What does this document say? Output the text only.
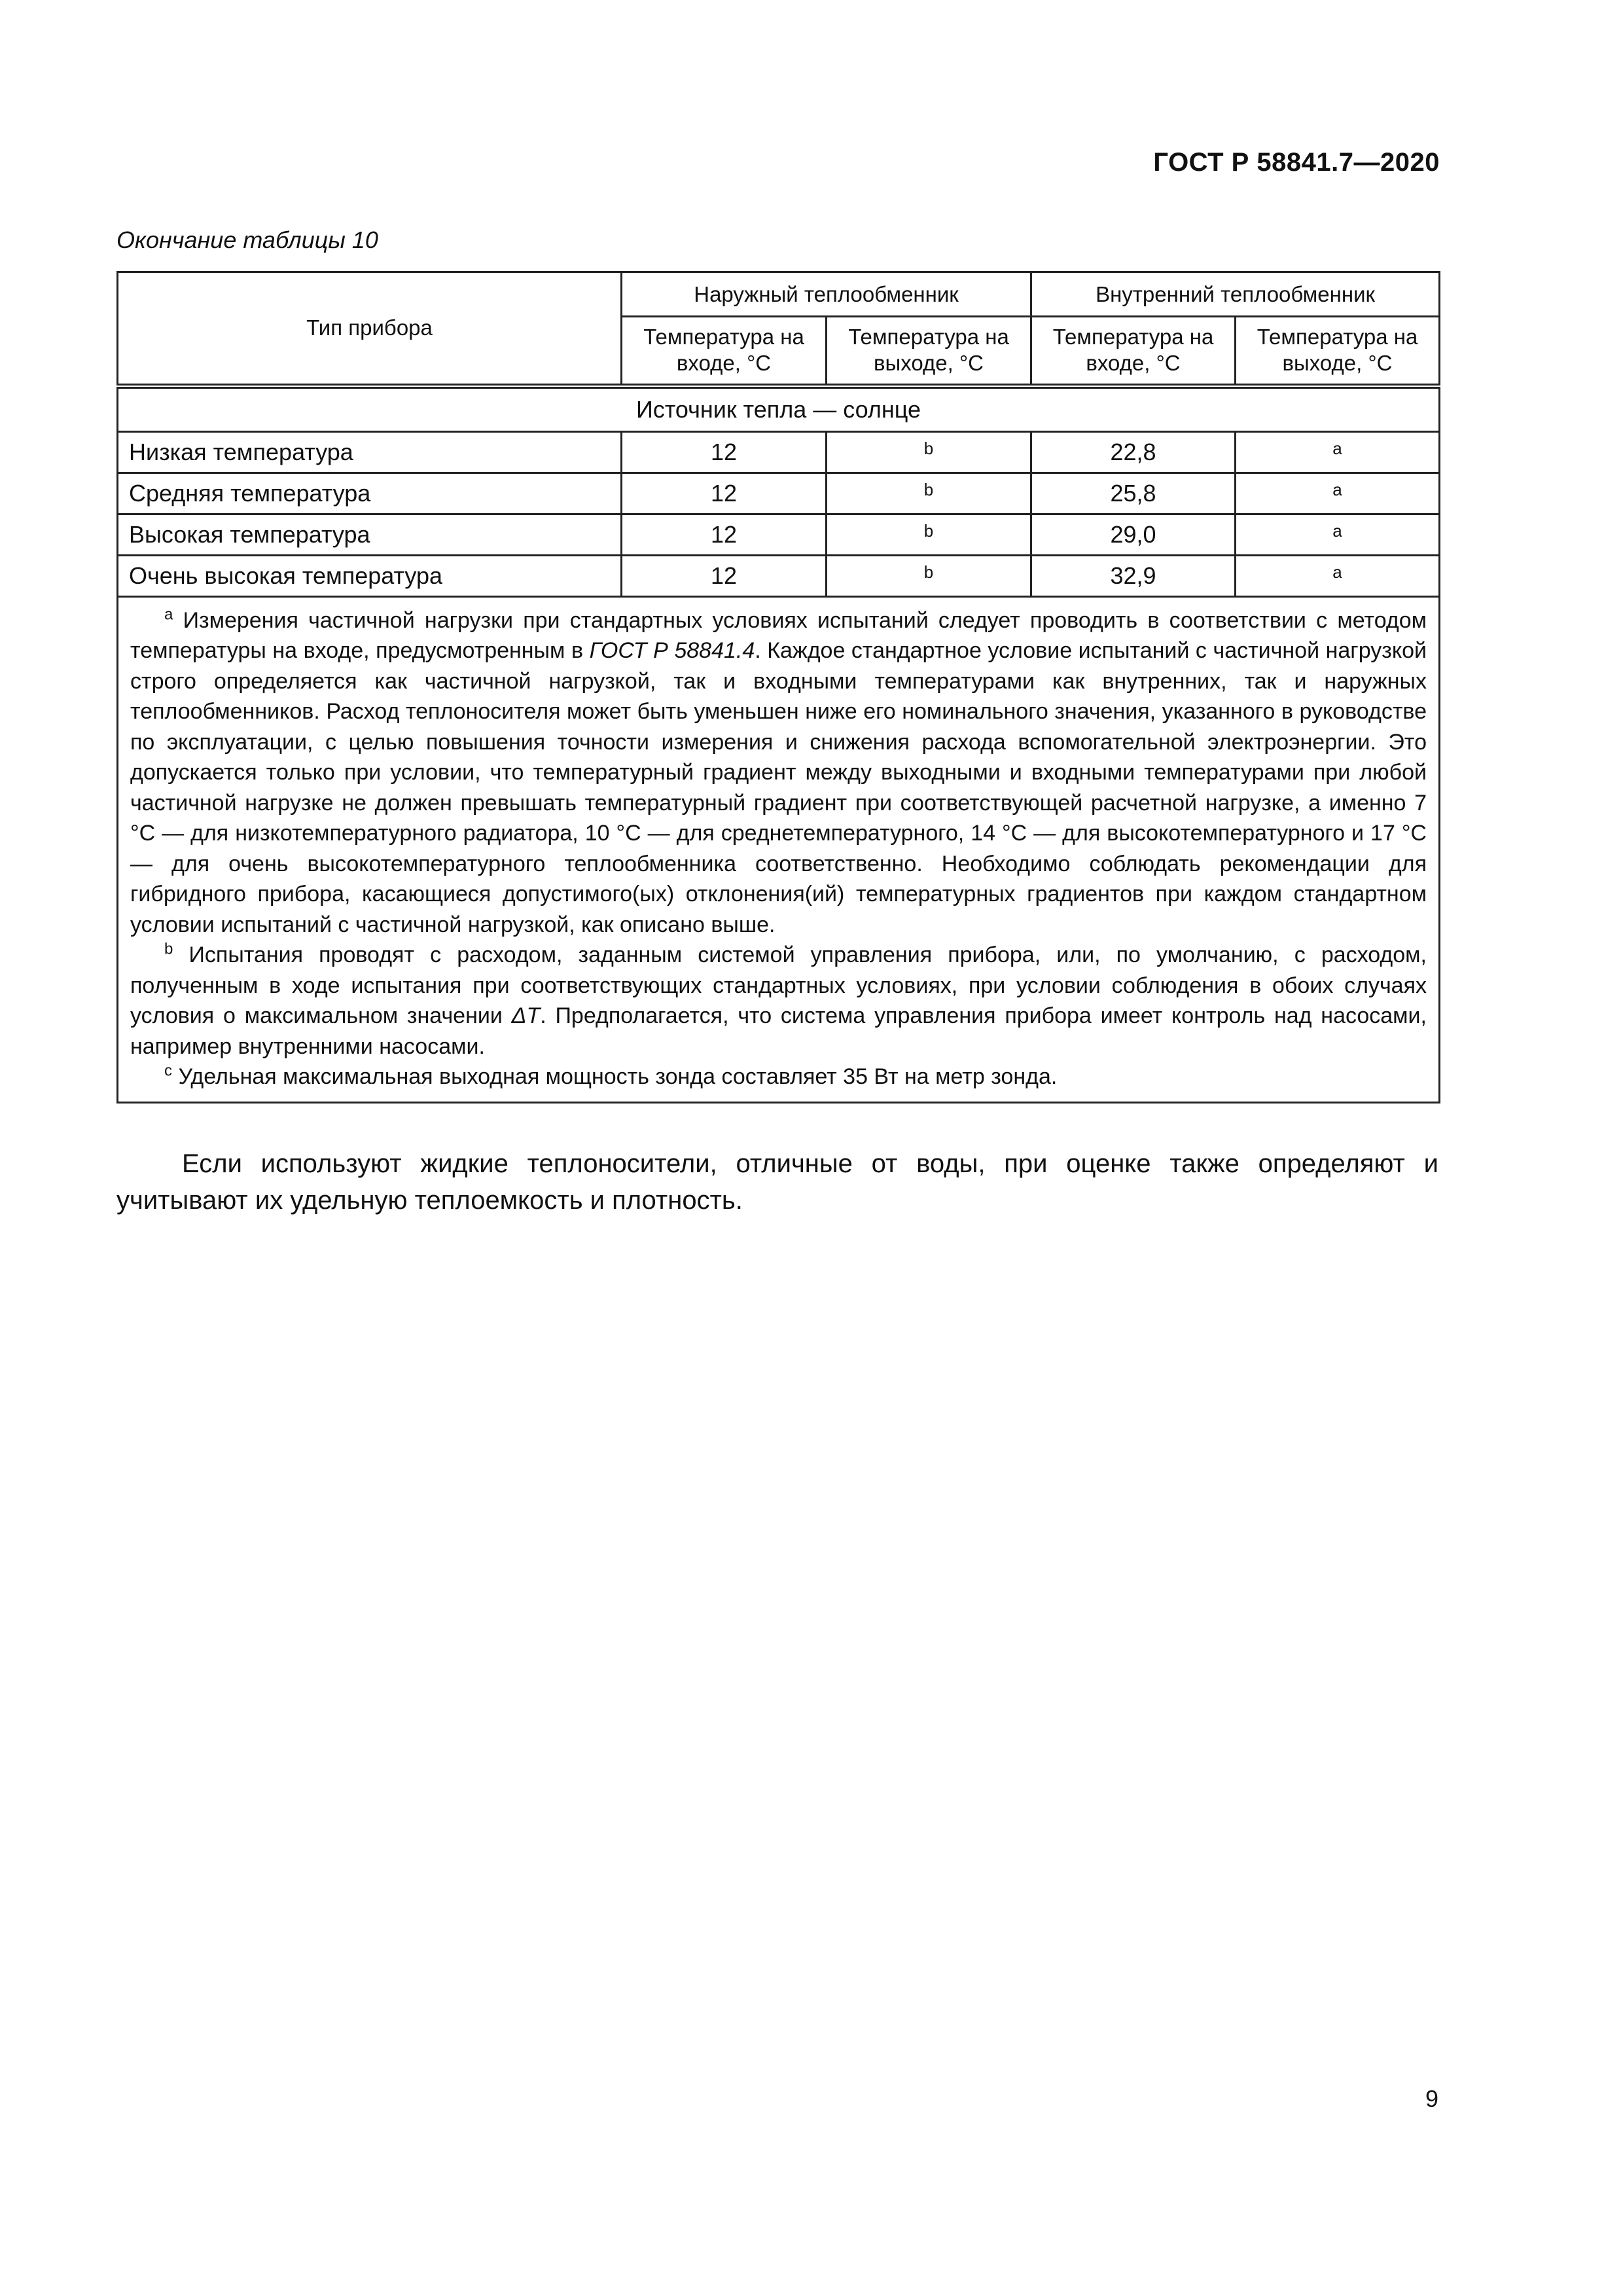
ГОСТ Р 58841.7—2020
Окончание таблицы 10
Тип прибора	Наружный теплообменник		Внутренний теплообменник	
	Температура на входе, °С	Температура на выходе, °С	Температура на входе, °С	Температура на выходе, °С
Источник тепла — солнце				
Низкая температура	12	b	22,8	a
Средняя температура	12	b	25,8	a
Высокая температура	12	b	29,0	a
Очень высокая температура	12	b	32,9	a

$^a$ Измерения частичной нагрузки при стандартных условиях испытаний следует проводить в соответствии с методом температуры на входе, предусмотренным в ГОСТ Р 58841.4. Каждое стандартное условие испытаний с частичной нагрузкой строго определяется как частичной нагрузкой, так и входными температурами как внутренних, так и наружных теплообменников. Расход теплоносителя может быть уменьшен ниже его номинального значения, указанного в руководстве по эксплуатации, с целью повышения точности измерения и снижения расхода вспомогательной электроэнергии. Это допускается только при условии, что температурный градиент между выходными и входными температурами при любой частичной нагрузке не должен превышать температурный градиент при соответствующей расчетной нагрузке, а именно 7 °С — для низкотемпературного радиатора, 10 °С — для среднетемпературного, 14 °С — для высокотемпературного и 17 °С — для очень высокотемпературного теплообменника соответственно. Необходимо соблюдать рекомендации для гибридного прибора, касающиеся допустимого(ых) отклонения(ий) температурных градиентов при каждом стандартном условии испытаний с частичной нагрузкой, как описано выше.

$^b$ Испытания проводят с расходом, заданным системой управления прибора, или, по умолчанию, с расходом, полученным в ходе испытания при соответствующих стандартных условиях, при условии соблюдения в обоих случаях условия о максимальном значении ΔT. Предполагается, что система управления прибора имеет контроль над насосами, например внутренними насосами.

$^c$ Удельная максимальная выходная мощность зонда составляет 35 Вт на метр зонда.				

Если используют жидкие теплоносители, отличные от воды, при оценке также определяют и учитывают их удельную теплоемкость и плотность.
9
